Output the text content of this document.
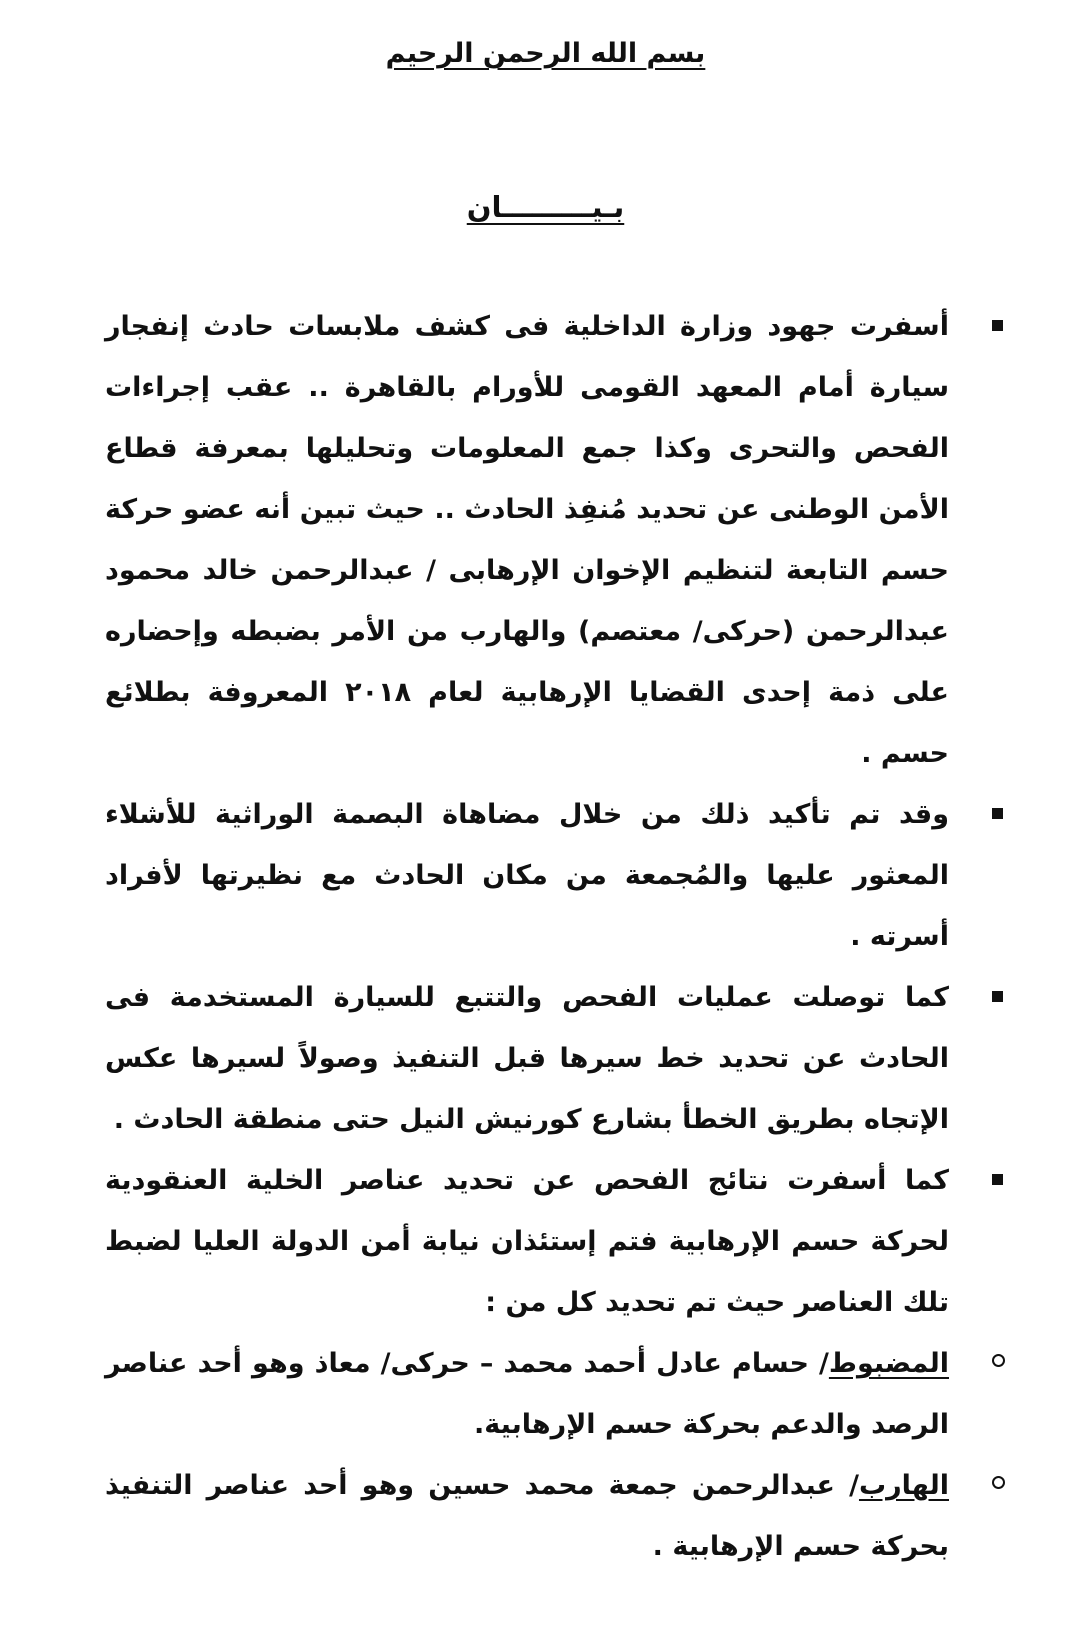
بسم الله الرحمن الرحيم
بـيـــــــــان

أسفرت جهود وزارة الداخلية فى كشف ملابسات حادث إنفجار سيارة أمام المعهد القومى للأورام بالقاهرة .. عقب إجراءات الفحص والتحرى وكذا جمع المعلومات وتحليلها بمعرفة قطاع الأمن الوطنى عن تحديد مُنفِذ الحادث .. حيث تبين أنه عضو حركة حسم التابعة لتنظيم الإخوان الإرهابى / عبدالرحمن خالد محمود عبدالرحمن (حركى/ معتصم) والهارب من الأمر بضبطه وإحضاره على ذمة إحدى القضايا الإرهابية لعام ٢٠١٨ المعروفة بطلائع حسم .

وقد تم تأكيد ذلك من خلال مضاهاة البصمة الوراثية للأشلاء المعثور عليها والمُجمعة من مكان الحادث مع نظيرتها لأفراد أسرته .

كما توصلت عمليات الفحص والتتبع للسيارة المستخدمة فى الحادث عن تحديد خط سيرها قبل التنفيذ وصولاً لسيرها عكس الإتجاه بطريق الخطأ بشارع كورنيش النيل حتى منطقة الحادث .

كما أسفرت نتائج الفحص عن تحديد عناصر الخلية العنقودية لحركة حسم الإرهابية فتم إستئذان نيابة أمن الدولة العليا لضبط تلك العناصر حيث تم تحديد كل من :

المضبوط/ حسام عادل أحمد محمد – حركى/ معاذ وهو أحد عناصر الرصد والدعم بحركة حسم الإرهابية.

الهارب/ عبدالرحمن جمعة محمد حسين وهو أحد عناصر التنفيذ بحركة حسم الإرهابية .
